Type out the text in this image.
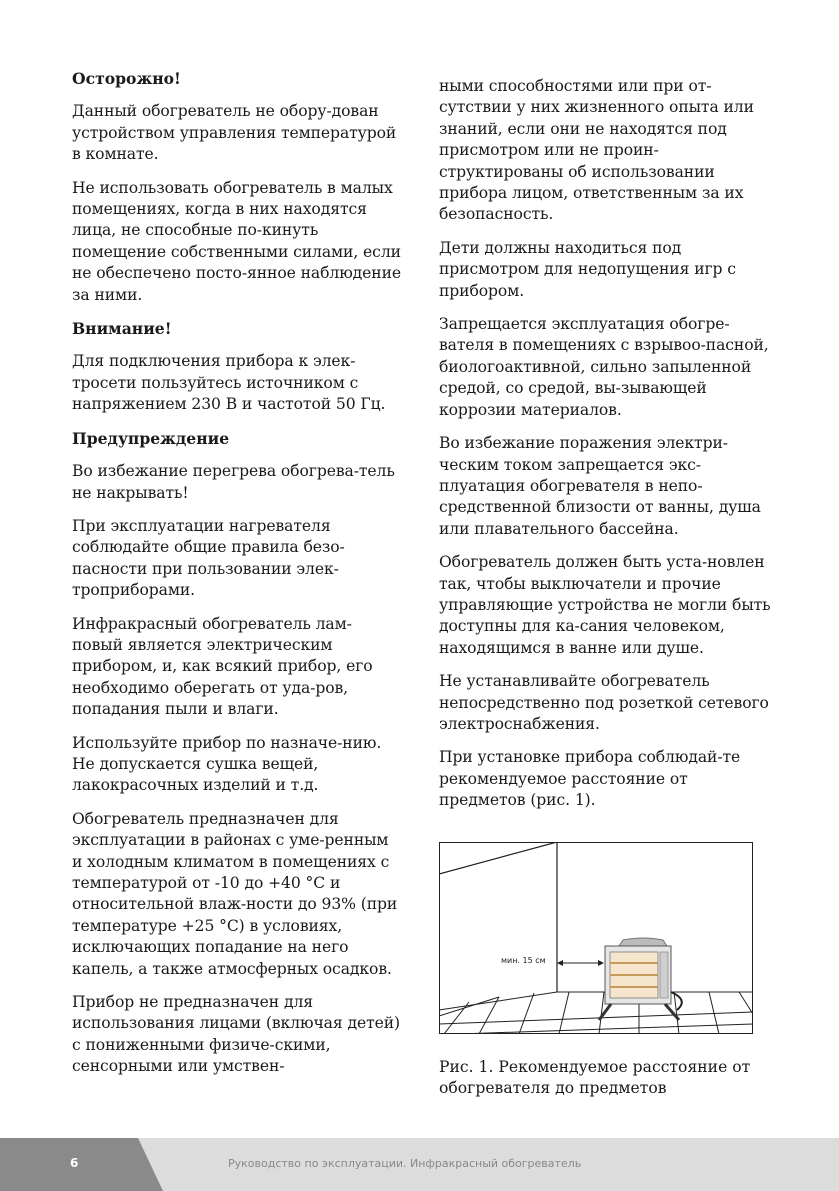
Осторожно!

Данный обогреватель не обору-дован устройством управления температурой в комнате.

Не использовать обогреватель в малых помещениях, когда в них находятся лица, не способные по-кинуть помещение собственными силами, если не обеспечено посто-янное наблюдение за ними.

Внимание!

Для подключения прибора к элек-тросети пользуйтесь источником с напряжением 230 В и частотой 50 Гц.

Предупреждение

Во избежание перегрева обогрева-тель не накрывать!

При эксплуатации нагревателя соблюдайте общие правила безо-пасности при пользовании элек-троприборами.

Инфракрасный обогреватель лам-повый является электрическим прибором, и, как всякий прибор, его необходимо оберегать от уда-ров, попадания пыли и влаги.

Используйте прибор по назначе-нию. Не допускается сушка вещей, лакокрасочных изделий и т.д.

Обогреватель предназначен для эксплуатации в районах с уме-ренным и холодным климатом в помещениях с температурой от -10 до +40 °C и относительной влаж-ности до 93% (при температуре +25 °C) в условиях, исключающих попадание на него капель, а также атмосферных осадков.

Прибор не предназначен для использования лицами (включая детей) с пониженными физиче-скими, сенсорными или умствен-

ными способностями или при от-сутствии у них жизненного опыта или знаний, если они не находятся под присмотром или не проин-структированы об использовании прибора лицом, ответственным за их безопасность.

Дети должны находиться под присмотром для недопущения игр с прибором.

Запрещается эксплуатация обогре-вателя в помещениях с взрывоо-пасной, биологоактивной, сильно запыленной средой, со средой, вы-зывающей коррозии материалов.

Во избежание поражения электри-ческим током запрещается экс-плуатация обогревателя в непо-средственной близости от ванны, душа или плавательного бассейна.

Обогреватель должен быть уста-новлен так, чтобы выключатели и прочие управляющие устройства не могли быть доступны для ка-сания человеком, находящимся в ванне или душе.

Не устанавливайте обогреватель непосредственно под розеткой сетевого электроснабжения.

При установке прибора соблюдай-те рекомендуемое расстояние от предметов (рис. 1).

мин. 15 см

Рис. 1. Рекомендуемое расстояние от обогревателя до предметов

6	Руководство по эксплуатации. Инфракрасный обогреватель
